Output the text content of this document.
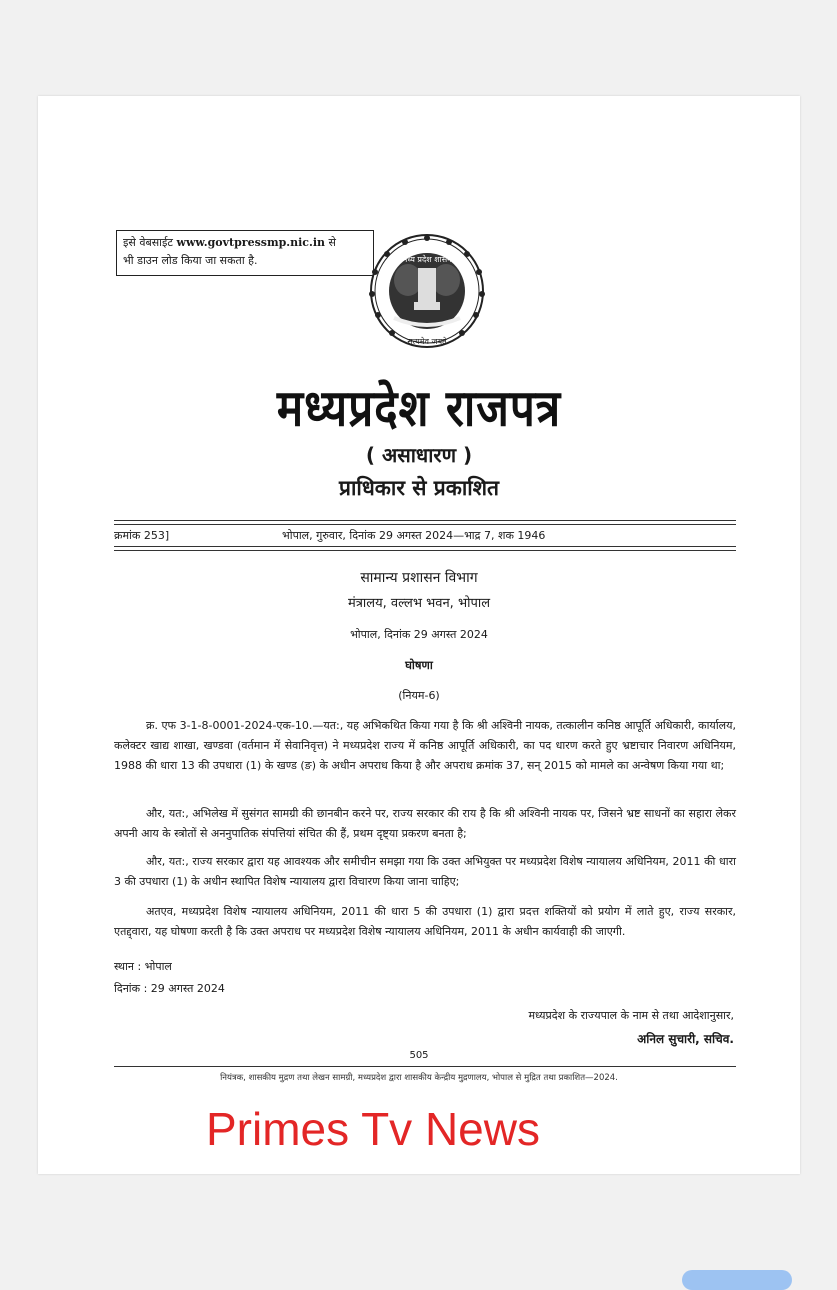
इसे वेबसाईट www.govtpressmp.nic.in से
भी डाउन लोड किया जा सकता है.
सत्यमेव जयते
मध्य प्रदेश शासन
मध्यप्रदेश राजपत्र
( असाधारण )
प्राधिकार से प्रकाशित
क्रमांक 253]	भोपाल, गुरुवार, दिनांक 29 अगस्त 2024—भाद्र 7, शक 1946
सामान्य प्रशासन विभाग
मंत्रालय, वल्लभ भवन, भोपाल
भोपाल, दिनांक 29 अगस्त 2024
घोषणा
(नियम-6)
क्र. एफ 3-1-8-0001-2024-एक-10.—यत:, यह अभिकथित किया गया है कि श्री अश्विनी नायक, तत्कालीन कनिष्ठ आपूर्ति अधिकारी, कार्यालय, कलेक्टर खाद्य शाखा, खण्डवा (वर्तमान में सेवानिवृत्त) ने मध्यप्रदेश राज्य में कनिष्ठ आपूर्ति अधिकारी, का पद धारण करते हुए भ्रष्टाचार निवारण अधिनियम, 1988 की धारा 13 की उपधारा (1) के खण्ड (ङ) के अधीन अपराध किया है और अपराध क्रमांक 37, सन् 2015 को मामले का अन्वेषण किया गया था;
और, यत:, अभिलेख में सुसंगत सामग्री की छानबीन करने पर, राज्य सरकार की राय है कि श्री अश्विनी नायक पर, जिसने भ्रष्ट साधनों का सहारा लेकर अपनी आय के स्त्रोतों से अननुपातिक संपत्तियां संचित की हैं, प्रथम दृष्ट्या प्रकरण बनता है;
और, यत:, राज्य सरकार द्वारा यह आवश्यक और समीचीन समझा गया कि उक्त अभियुक्त पर मध्यप्रदेश विशेष न्यायालय अधिनियम, 2011 की धारा 3 की उपधारा (1) के अधीन स्थापित विशेष न्यायालय द्वारा विचारण किया जाना चाहिए;
अतएव, मध्यप्रदेश विशेष न्यायालय अधिनियम, 2011 की धारा 5 की उपधारा (1) द्वारा प्रदत्त शक्तियों को प्रयोग में लाते हुए, राज्य सरकार, एतद्द्वारा, यह घोषणा करती है कि उक्त अपराध पर मध्यप्रदेश विशेष न्यायालय अधिनियम, 2011 के अधीन कार्यवाही की जाएगी.
स्थान : भोपाल
दिनांक : 29 अगस्त 2024
मध्यप्रदेश के राज्यपाल के नाम से तथा आदेशानुसार,
अनिल सुचारी, सचिव.
505
नियंत्रक, शासकीय मुद्रण तथा लेखन सामग्री, मध्यप्रदेश द्वारा शासकीय केन्द्रीय मुद्रणालय, भोपाल से मुद्रित तथा प्रकाशित—2024.
Primes Tv News
